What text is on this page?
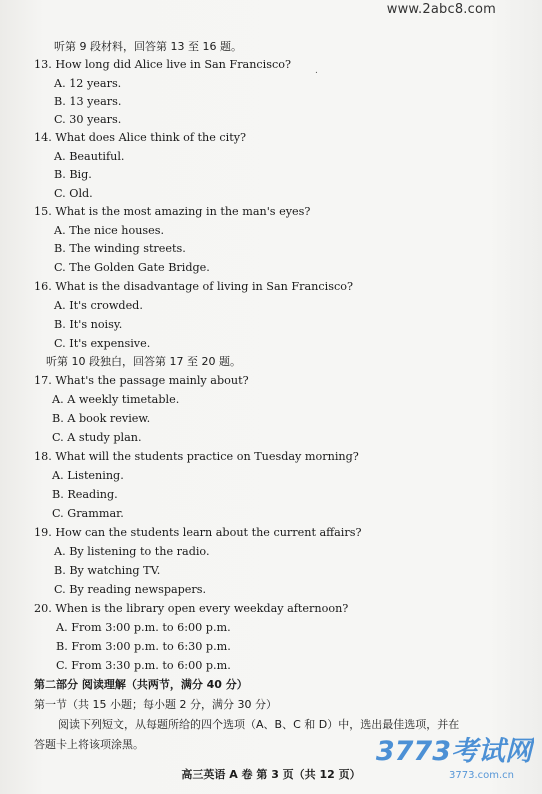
www.2abc8.com
听第 9 段材料，回答第 13 至 16 题。
13. How long did Alice live in San Francisco?	.
A. 12 years.
B. 13 years.
C. 30 years.
14. What does Alice think of the city?
A. Beautiful.
B. Big.
C. Old.
15. What is the most amazing in the man's eyes?
A. The nice houses.
B. The winding streets.
C. The Golden Gate Bridge.
16. What is the disadvantage of living in San Francisco?
A. It's crowded.
B. It's noisy.
C. It's expensive.
听第 10 段独白，回答第 17 至 20 题。
17. What's the passage mainly about?
A. A weekly timetable.
B. A book review.
C. A study plan.
18. What will the students practice on Tuesday morning?
A. Listening.
B. Reading.
C. Grammar.
19. How can the students learn about the current affairs?
A. By listening to the radio.
B. By watching TV.
C. By reading newspapers.
20. When is the library open every weekday afternoon?
A. From 3:00 p.m. to 6:00 p.m.
B. From 3:00 p.m. to 6:30 p.m.
C. From 3:30 p.m. to 6:00 p.m.
第二部分 阅读理解（共两节，满分 40 分）
第一节（共 15 小题；每小题 2 分，满分 30 分）
阅读下列短文，从每题所给的四个选项（A、B、C 和 D）中，选出最佳选项，并在
答题卡上将该项涂黑。	3773考试网
3773.com.cn
高三英语 A 卷 第 3 页（共 12 页）
